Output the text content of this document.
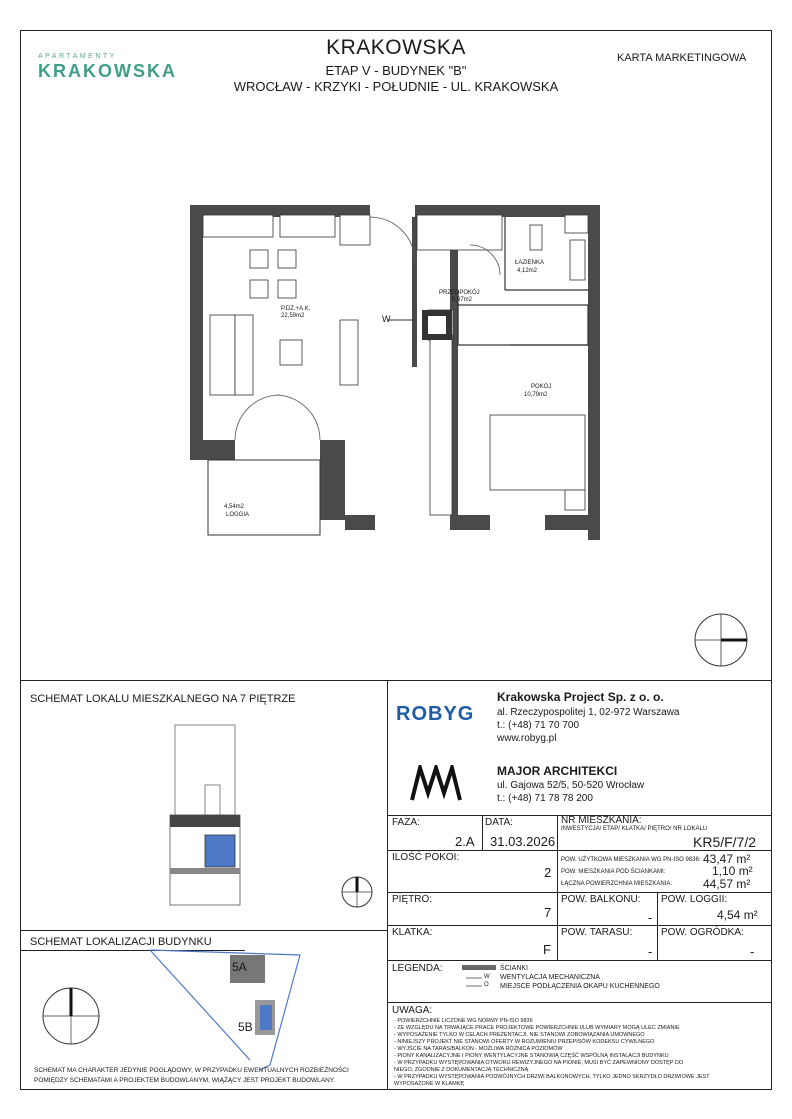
APARTAMENTY
KRAKOWSKA
KRAKOWSKA
ETAP V - BUDYNEK "B"
WROCŁAW - KRZYKI - POŁUDNIE - UL. KRAKOWSKA
KARTA MARKETINGOWA
P.DZ.+A.K.
22,59m2
PRZEDPOKÓJ
5,97m2
ŁAZIENKA
4,12m2
POKÓJ
10,79m2
4,54m2
LOGGIA
W
SCHEMAT LOKALU MIESZKALNEGO NA 7 PIĘTRZE
SCHEMAT LOKALIZACJI BUDYNKU
5A
5B
SCHEMAT MA CHARAKTER JEDYNIE POGLĄDOWY, W PRZYPADKU EWENTUALNYCH ROZBIEŻNOŚCI
POMIĘDZY SCHEMATAMI A PROJEKTEM BUDOWLANYM, WIĄŻĄCY JEST PROJEKT BUDOWLANY.
ROBYG
Krakowska Project Sp. z o. o.
al. Rzeczypospolitej 1, 02-972 Warszawa
t.: (+48) 71 70 700
www.robyg.pl
MAJOR ARCHITEKCI
ul. Gajowa 52/5, 50-520 Wrocław
t.: (+48) 71 78 78 200
FAZA:
2.A
DATA:
31.03.2026
NR MIESZKANIA:
INWESTYCJA/ ETAP/ KLATKA/ PIĘTRO/ NR LOKALU
KR5/F/7/2
ILOŚĆ POKOI:
2
POW. UŻYTKOWA MIESZKANIA WG PN-ISO 9836: 43,47 m²
POW. MIESZKANIA POD ŚCIANKAMI:	1,10 m²
ŁĄCZNA POWIERZCHNIA MIESZKANIA:	44,57 m²
PIĘTRO:
7
POW. BALKONU:
-
POW. LOGGII:
4,54 m²
KLATKA:
F
POW. TARASU:
-
POW. OGRÓDKA:
-
LEGENDA:
W
O
ŚCIANKI
WENTYLACJA MECHANICZNA
MIEJSCE PODŁĄCZENIA OKAPU KUCHENNEGO
UWAGA:
- POWIERZCHNIE LICZONE WG NORMY PN-ISO 9836
- ZE WZGLĘDU NA TRWAJĄCE PRACE PROJEKTOWE POWIERZCHNIE I/LUB WYMIARY MOGĄ ULEC ZMIANIE
- WYPOSAŻENIE TYLKO W CELACH PREZENTACJI, NIE STANOWI ZOBOWIĄZANIA UMOWNEGO
- NINIEJSZY PROJEKT NIE STANOWI OFERTY W ROZUMIENIU PRZEPISÓW KODEKSU CYWILNEGO
- WYJŚCIE NA TARAS/BALKON - MOŻLIWA RÓŻNICA POZIOMÓW
- PIONY KANALIZACYJNE I PIONY WENTYLACYJNE STANOWIĄ CZĘŚĆ WSPÓLNĄ INSTALACJI BUDYNKU
- W PRZYPADKU WYSTĘPOWANIA OTWORU REWIZYJNEGO NA PIONIE, MUSI BYĆ ZAPEWNIONY DOSTĘP DO
NIEGO, ZGODNIE Z DOKUMENTACJĄ TECHNICZNĄ
- W PRZYPADKU WYSTĘPOWANIA PODWÓJNYCH DRZWI BALKONOWYCH, TYLKO JEDNO SKRZYDŁO DRZWIOWE JEST
WYPOSAŻONE W KLAMKĘ
